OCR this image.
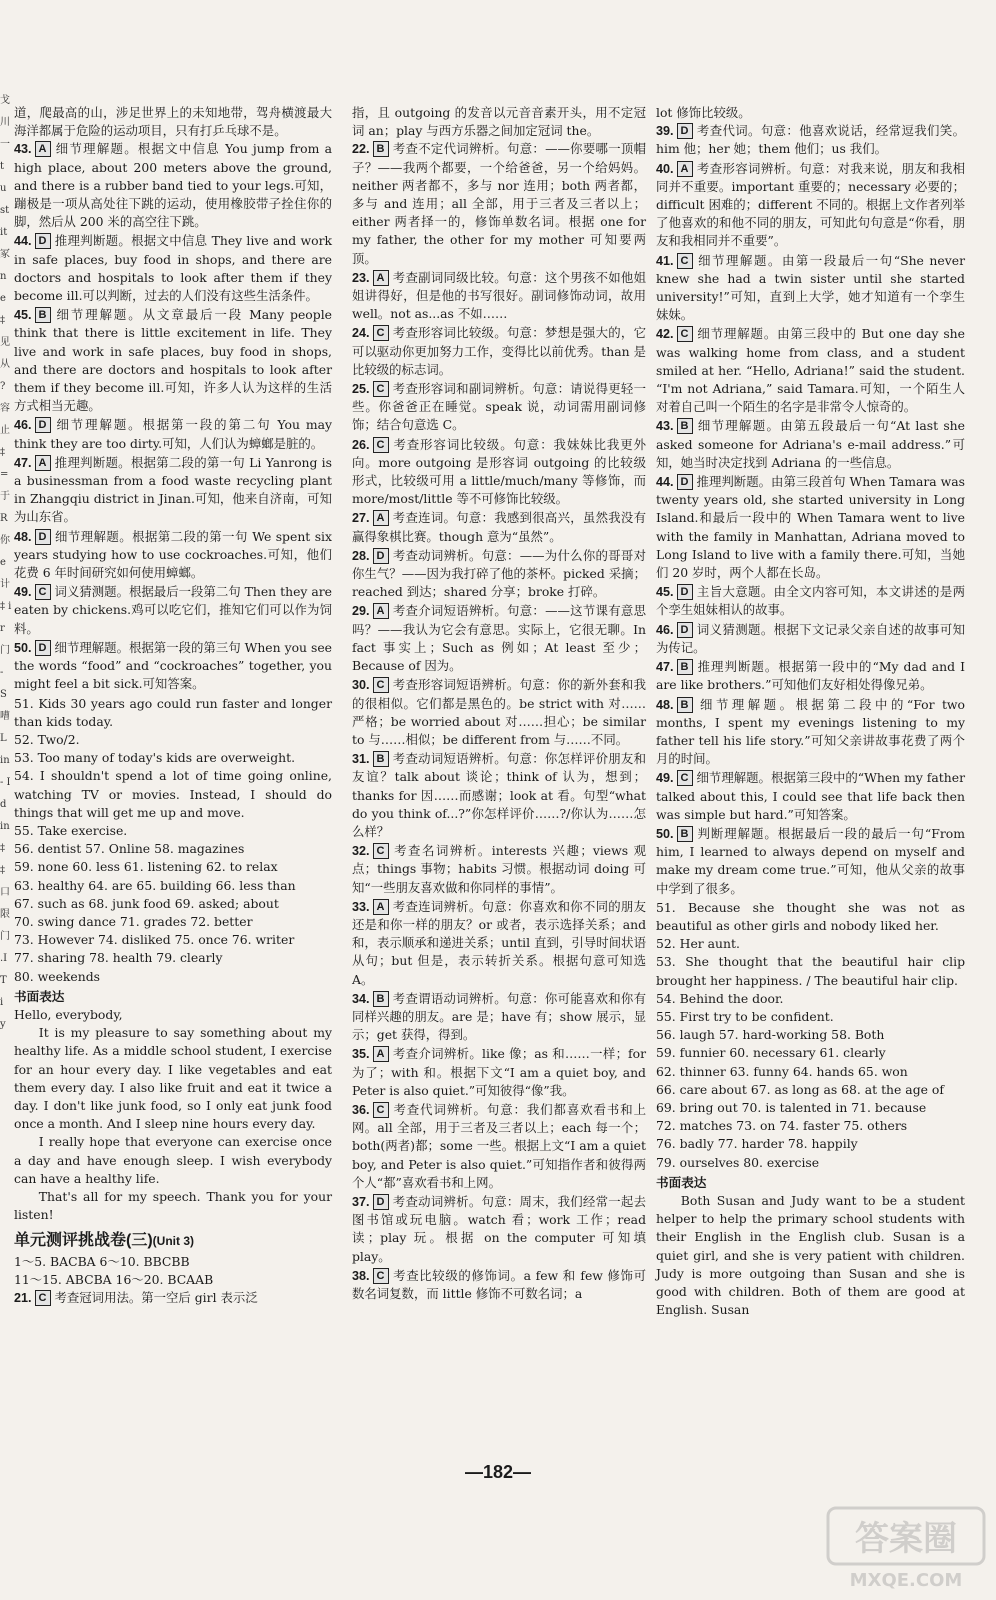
戈 川 一 t u st it 冢 ne ‡ 见 从 ?容 止 ‡ = 于 R 你 e 计 ‡ ir 门 - S 嘈 L in - Id in ‡ ‡ 口 限 门 .IT i y
道，爬最高的山，涉足世界上的未知地带，驾舟横渡最大海洋都属于危险的运动项目，只有打乒乓球不是。
43. A 细节理解题。根据文中信息 You jump from a high place, about 200 meters above the ground, and there is a rubber band tied to your legs.可知，蹦极是一项从高处往下跳的运动，使用橡胶带子拴住你的脚，然后从 200 米的高空往下跳。
44. D 推理判断题。根据文中信息 They live and work in safe places, buy food in shops, and there are doctors and hospitals to look after them if they become ill.可以判断，过去的人们没有这些生活条件。
45. B 细节理解题。从文章最后一段 Many people think that there is little excitement in life. They live and work in safe places, buy food in shops, and there are doctors and hospitals to look after them if they become ill.可知，许多人认为这样的生活方式相当无趣。
46. D 细节理解题。根据第一段的第二句 You may think they are too dirty.可知，人们认为蟑螂是脏的。
47. A 推理判断题。根据第二段的第一句 Li Yanrong is a businessman from a food waste recycling plant in Zhangqiu district in Jinan.可知，他来自济南，可知为山东省。
48. D 细节理解题。根据第二段的第一句 We spent six years studying how to use cockroaches.可知，他们花费 6 年时间研究如何使用蟑螂。
49. C 词义猜测题。根据最后一段第二句 Then they are eaten by chickens.鸡可以吃它们，推知它们可以作为饲料。
50. D 细节理解题。根据第一段的第三句 When you see the words “food” and “cockroaches” together, you might feel a bit sick.可知答案。
51. Kids 30 years ago could run faster and longer than kids today.
52. Two/2.
53. Too many of today's kids are overweight.
54. I shouldn't spend a lot of time going online, watching TV or movies. Instead, I should do things that will get me up and move.
55. Take exercise.
56. dentist 57. Online 58. magazines
59. none 60. less 61. listening 62. to relax
63. healthy 64. are 65. building 66. less than
67. such as 68. junk food 69. asked; about
70. swing dance 71. grades 72. better
73. However 74. disliked 75. once 76. writer
77. sharing 78. health 79. clearly
80. weekends
书面表达
Hello, everybody,
It is my pleasure to say something about my healthy life. As a middle school student, I exercise for an hour every day. I like vegetables and eat them every day. I also like fruit and eat it twice a day. I don't like junk food, so I only eat junk food once a month. And I sleep nine hours every day.
I really hope that everyone can exercise once a day and have enough sleep. I wish everybody can have a healthy life.
That's all for my speech. Thank you for your listen!
单元测评挑战卷(三)(Unit 3)
1～5. BACBA 6～10. BBCBB
11～15. ABCBA 16～20. BCAAB
21. C 考查冠词用法。第一空后 girl 表示泛
指，且 outgoing 的发音以元音音素开头，用不定冠词 an；play 与西方乐器之间加定冠词 the。
22. B 考查不定代词辨析。句意：——你要哪一顶帽子？——我两个都要，一个给爸爸，另一个给妈妈。neither 两者都不，多与 nor 连用；both 两者都，多与 and 连用；all 全部，用于三者及三者以上；either 两者择一的，修饰单数名词。根据 one for my father, the other for my mother 可知要两顶。
23. A 考查副词同级比较。句意：这个男孩不如他姐姐讲得好，但是他的书写很好。副词修饰动词，故用 well。not as...as 不如……
24. C 考查形容词比较级。句意：梦想是强大的，它可以驱动你更加努力工作，变得比以前优秀。than 是比较级的标志词。
25. C 考查形容词和副词辨析。句意：请说得更轻一些。你爸爸正在睡觉。speak 说，动词需用副词修饰；结合句意选 C。
26. C 考查形容词比较级。句意：我妹妹比我更外向。more outgoing 是形容词 outgoing 的比较级形式，比较级可用 a little/much/many 等修饰，而 more/most/little 等不可修饰比较级。
27. A 考查连词。句意：我感到很高兴，虽然我没有赢得象棋比赛。though 意为“虽然”。
28. D 考查动词辨析。句意：——为什么你的哥哥对你生气？——因为我打碎了他的茶杯。picked 采摘；reached 到达；shared 分享；broke 打碎。
29. A 考查介词短语辨析。句意：——这节课有意思吗？——我认为它会有意思。实际上，它很无聊。In fact 事实上；Such as 例如；At least 至少；Because of 因为。
30. C 考查形容词短语辨析。句意：你的新外套和我的很相似。它们都是黑色的。be strict with 对……严格；be worried about 对……担心；be similar to 与……相似；be different from 与……不同。
31. B 考查动词短语辨析。句意：你怎样评价朋友和友谊？talk about 谈论；think of 认为，想到；thanks for 因……而感谢；look at 看。句型“what do you think of...?”你怎样评价……?/你认为……怎么样？
32. C 考查名词辨析。interests 兴趣；views 观点；things 事物；habits 习惯。根据动词 doing 可知“一些朋友喜欢做和你同样的事情”。
33. A 考查连词辨析。句意：你喜欢和你不同的朋友还是和你一样的朋友？or 或者，表示选择关系；and 和，表示顺承和递进关系；until 直到，引导时间状语从句；but 但是，表示转折关系。根据句意可知选 A。
34. B 考查谓语动词辨析。句意：你可能喜欢和你有同样兴趣的朋友。are 是；have 有；show 展示，显示；get 获得，得到。
35. A 考查介词辨析。like 像；as 和……一样；for 为了；with 和。根据下文“I am a quiet boy, and Peter is also quiet.”可知彼得“像”我。
36. C 考查代词辨析。句意：我们都喜欢看书和上网。all 全部，用于三者及三者以上；each 每一个；both(两者)都；some 一些。根据上文“I am a quiet boy, and Peter is also quiet.”可知指作者和彼得两个人“都”喜欢看书和上网。
37. D 考查动词辨析。句意：周末，我们经常一起去图书馆或玩电脑。watch 看；work 工作；read 读；play 玩。根据 on the computer 可知填 play。
38. C 考查比较级的修饰词。a few 和 few 修饰可数名词复数，而 little 修饰不可数名词；a
lot 修饰比较级。
39. D 考查代词。句意：他喜欢说话，经常逗我们笑。him 他；her 她；them 他们；us 我们。
40. A 考查形容词辨析。句意：对我来说，朋友和我相同并不重要。important 重要的；necessary 必要的；difficult 困难的；different 不同的。根据上文作者列举了他喜欢的和他不同的朋友，可知此句句意是“你看，朋友和我相同并不重要”。
41. C 细节理解题。由第一段最后一句“She never knew she had a twin sister until she started university!”可知，直到上大学，她才知道有一个孪生妹妹。
42. C 细节理解题。由第三段中的 But one day she was walking home from class, and a student smiled at her. “Hello, Adriana!” said the student. “I'm not Adriana,” said Tamara.可知，一个陌生人对着自己叫一个陌生的名字是非常令人惊奇的。
43. B 细节理解题。由第五段最后一句“At last she asked someone for Adriana's e-mail address.”可知，她当时决定找到 Adriana 的一些信息。
44. D 推理判断题。由第三段首句 When Tamara was twenty years old, she started university in Long Island.和最后一段中的 When Tamara went to live with the family in Manhattan, Adriana moved to Long Island to live with a family there.可知，当她们 20 岁时，两个人都在长岛。
45. D 主旨大意题。由全文内容可知，本文讲述的是两个孪生姐妹相认的故事。
46. D 词义猜测题。根据下文记录父亲自述的故事可知为传记。
47. B 推理判断题。根据第一段中的“My dad and I are like brothers.”可知他们友好相处得像兄弟。
48. B 细节理解题。根据第二段中的“For two months, I spent my evenings listening to my father tell his life story.”可知父亲讲故事花费了两个月的时间。
49. C 细节理解题。根据第三段中的“When my father talked about this, I could see that life back then was simple but hard.”可知答案。
50. B 判断理解题。根据最后一段的最后一句“From him, I learned to always depend on myself and make my dream come true.”可知，他从父亲的故事中学到了很多。
51. Because she thought she was not as beautiful as other girls and nobody liked her.
52. Her aunt.
53. She thought that the beautiful hair clip brought her happiness. / The beautiful hair clip.
54. Behind the door.
55. First try to be confident.
56. laugh 57. hard-working 58. Both
59. funnier 60. necessary 61. clearly
62. thinner 63. funny 64. hands 65. won
66. care about 67. as long as 68. at the age of
69. bring out 70. is talented in 71. because
72. matches 73. on 74. faster 75. others
76. badly 77. harder 78. happily
79. ourselves 80. exercise
书面表达
Both Susan and Judy want to be a student helper to help the primary school students with their English in the English club. Susan is a quiet girl, and she is very patient with children. Judy is more outgoing than Susan and she is good with children. Both of them are good at English. Susan
—182—
答案圈
MXQE.COM
